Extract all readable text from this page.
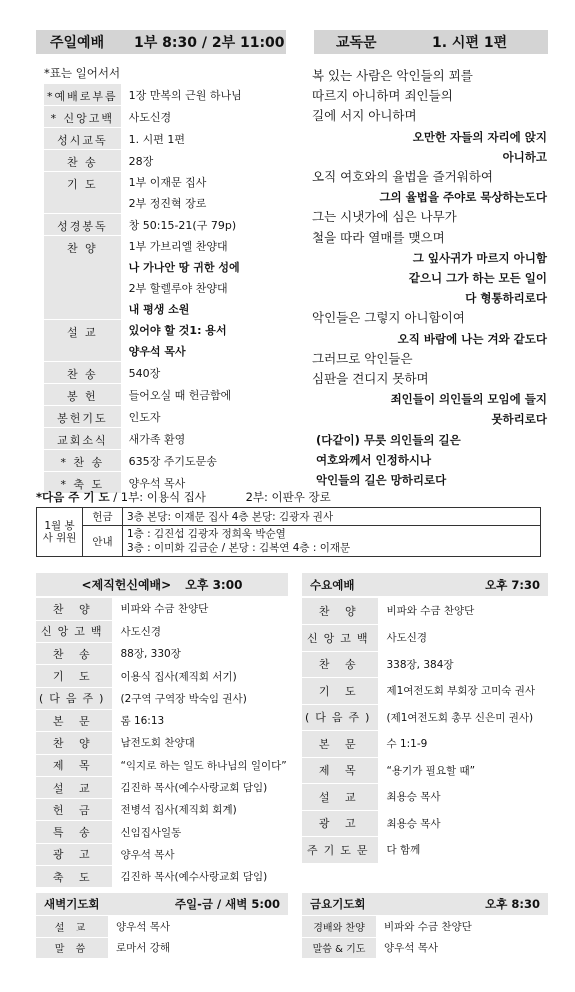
주일예배	1부 8:30 / 2부 11:00	교독문	1. 시편 1편
*표는 일어서서
*예배로부름	1장 만복의 근원 하나님
* 신앙고백	사도신경
성시교독	1. 시편 1편
찬 송	28장
기 도	1부 이재문 집사
	2부 정진혁 장로
성경봉독	창 50:15-21(구 79p)
찬 양	1부 가브리엘 찬양대
	나 가나안 땅 귀한 성에
	2부 할렐루야 찬양대
	내 평생 소원
설 교	있어야 할 것1: 용서
	양우석 목사
찬 송	540장
봉 헌	들어오실 때 헌금함에
봉헌기도	인도자
교회소식	새가족 환영
* 찬 송	635장 주기도문송
* 축 도	양우석 목사
복 있는 사람은 악인들의 꾀를
따르지 아니하며 죄인들의
길에 서지 아니하며
오만한 자들의 자리에 앉지
아니하고
오직 여호와의 율법을 즐거워하여
그의 율법을 주야로 묵상하는도다
그는 시냇가에 심은 나무가
철을 따라 열매를 맺으며
그 잎사귀가 마르지 아니함
같으니 그가 하는 모든 일이
다 형통하리로다
악인들은 그렇지 아니함이여
오직 바람에 나는 겨와 같도다
그러므로 악인들은
심판을 견디지 못하며
죄인들이 의인들의 모임에 들지
못하리로다
(다같이) 무릇 의인들의 길은
여호와께서 인정하시나
악인들의 길은 망하리로다
*다음 주 기 도 / 1부: 이용식 집사	2부: 이판우 장로
1월 봉사 위원	헌금	3층 본당: 이재문 집사 4층 본당: 김광자 권사
	안내	1층 : 김진섭 김광자 정희욱 박순열
3층 : 이미화 김금순 / 본당 : 김복연 4층 : 이재문
<제직헌신예배> 오후 3:00
찬 양	비파와 수금 찬양단
신앙고백	사도신경
찬 송	88장, 330장
기 도	이용식 집사(제직회 서기)
(다음주)	(2구역 구역장 박숙임 권사)
본 문	롬 16:13
찬 양	남전도회 찬양대
제 목	“익지로 하는 일도 하나님의 일이다”
설 교	김진하 목사(예수사랑교회 담임)
헌 금	전병석 집사(제직회 회계)
특 송	신임집사일동
광 고	양우석 목사
축 도	김진하 목사(예수사랑교회 담임)
수요예배	오후 7:30
찬 양	비파와 수금 찬양단
신앙고백	사도신경
찬 송	338장, 384장
기 도	제1여전도회 부회장 고미숙 권사
(다음주)	(제1여전도회 총무 신은미 권사)
본 문	수 1:1-9
제 목	“용기가 필요할 때”
설 교	최용승 목사
광 고	최용승 목사
주기도문	다 함께
새벽기도회	주일-금 / 새벽 5:00
설 교	양우석 목사
말 씀	로마서 강해
금요기도회	오후 8:30
경배와 찬양	비파와 수금 찬양단
말씀 & 기도	양우석 목사
